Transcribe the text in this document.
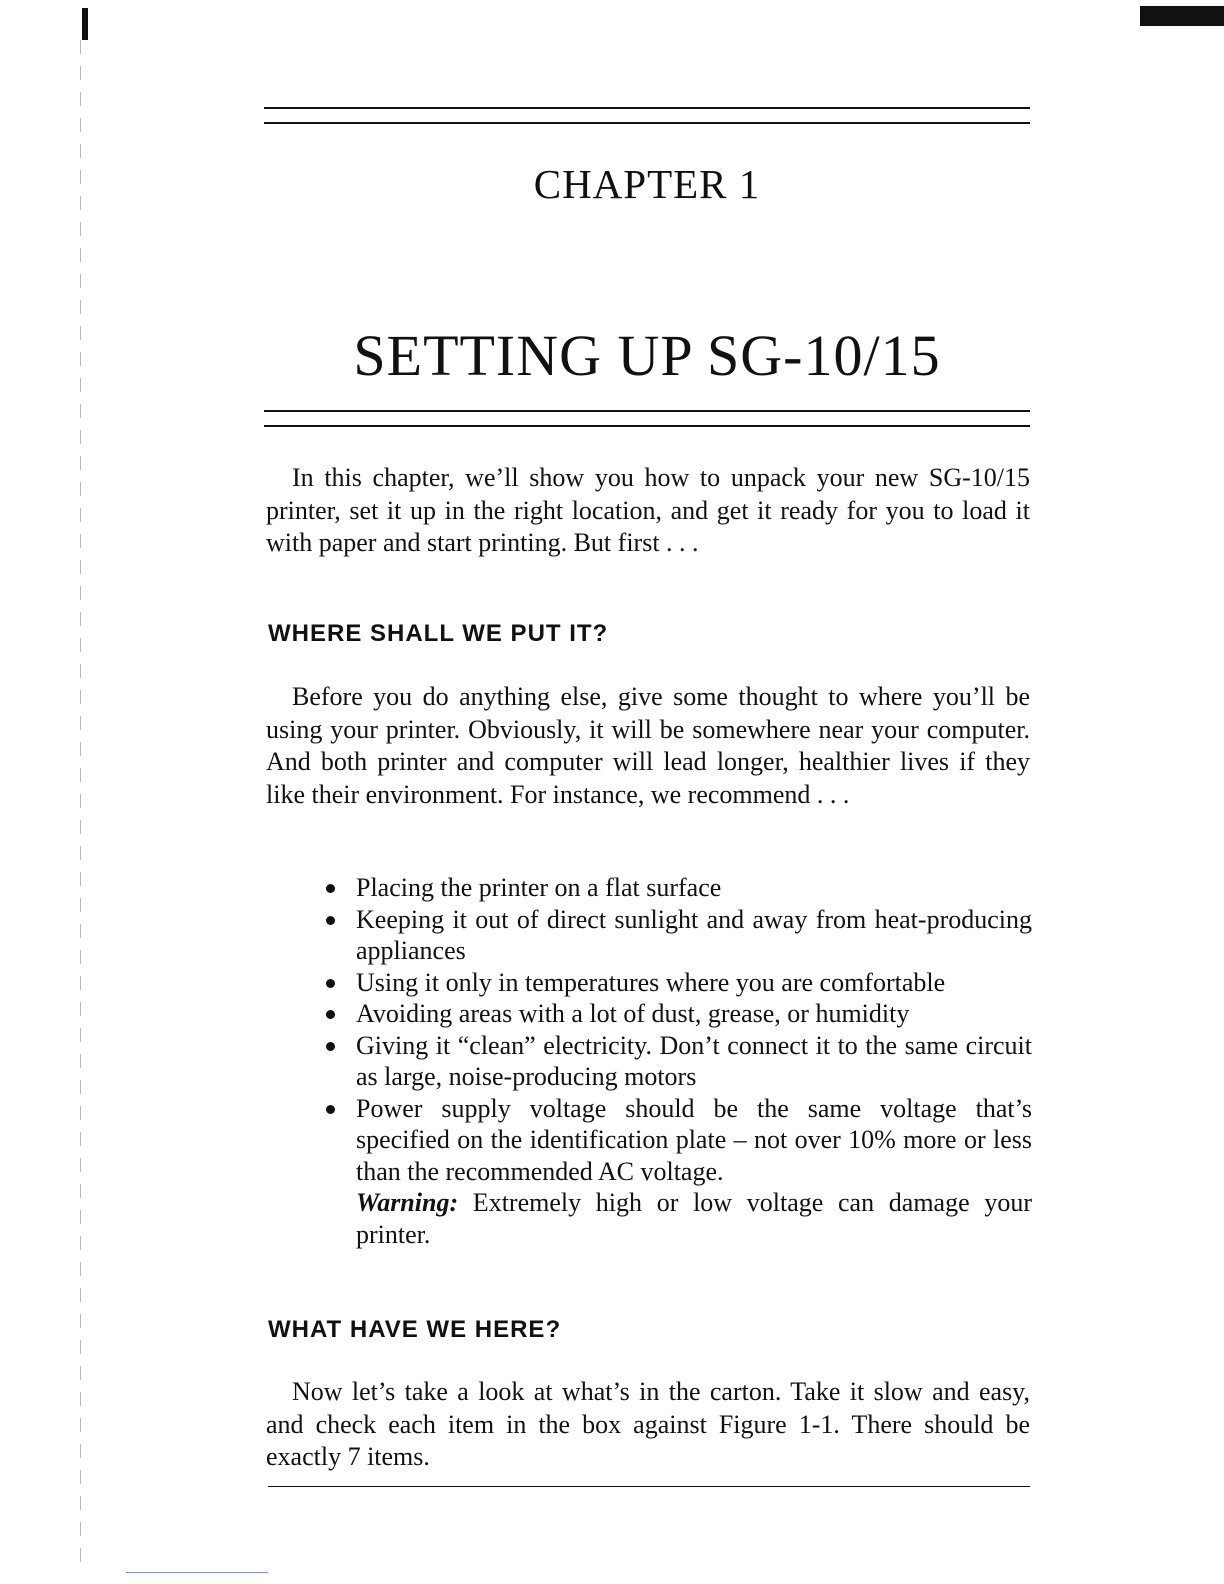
CHAPTER 1
SETTING UP SG-10/15

In this chapter, we’ll show you how to unpack your new SG-10/15 printer, set it up in the right location, and get it ready for you to load it with paper and start printing. But first . . .

WHERE SHALL WE PUT IT?

Before you do anything else, give some thought to where you’ll be using your printer. Obviously, it will be somewhere near your computer. And both printer and computer will lead longer, healthier lives if they like their environment. For instance, we recommend . . .

Placing the printer on a flat surface
Keeping it out of direct sunlight and away from heat-producing appliances
Using it only in temperatures where you are comfortable
Avoiding areas with a lot of dust, grease, or humidity
Giving it “clean” electricity. Don’t connect it to the same circuit as large, noise-producing motors
Power supply voltage should be the same voltage that’s specified on the identification plate – not over 10% more or less than the recommended AC voltage.
Warning: Extremely high or low voltage can damage your printer.
WHAT HAVE WE HERE?

Now let’s take a look at what’s in the carton. Take it slow and easy, and check each item in the box against Figure 1-1. There should be exactly 7 items.
